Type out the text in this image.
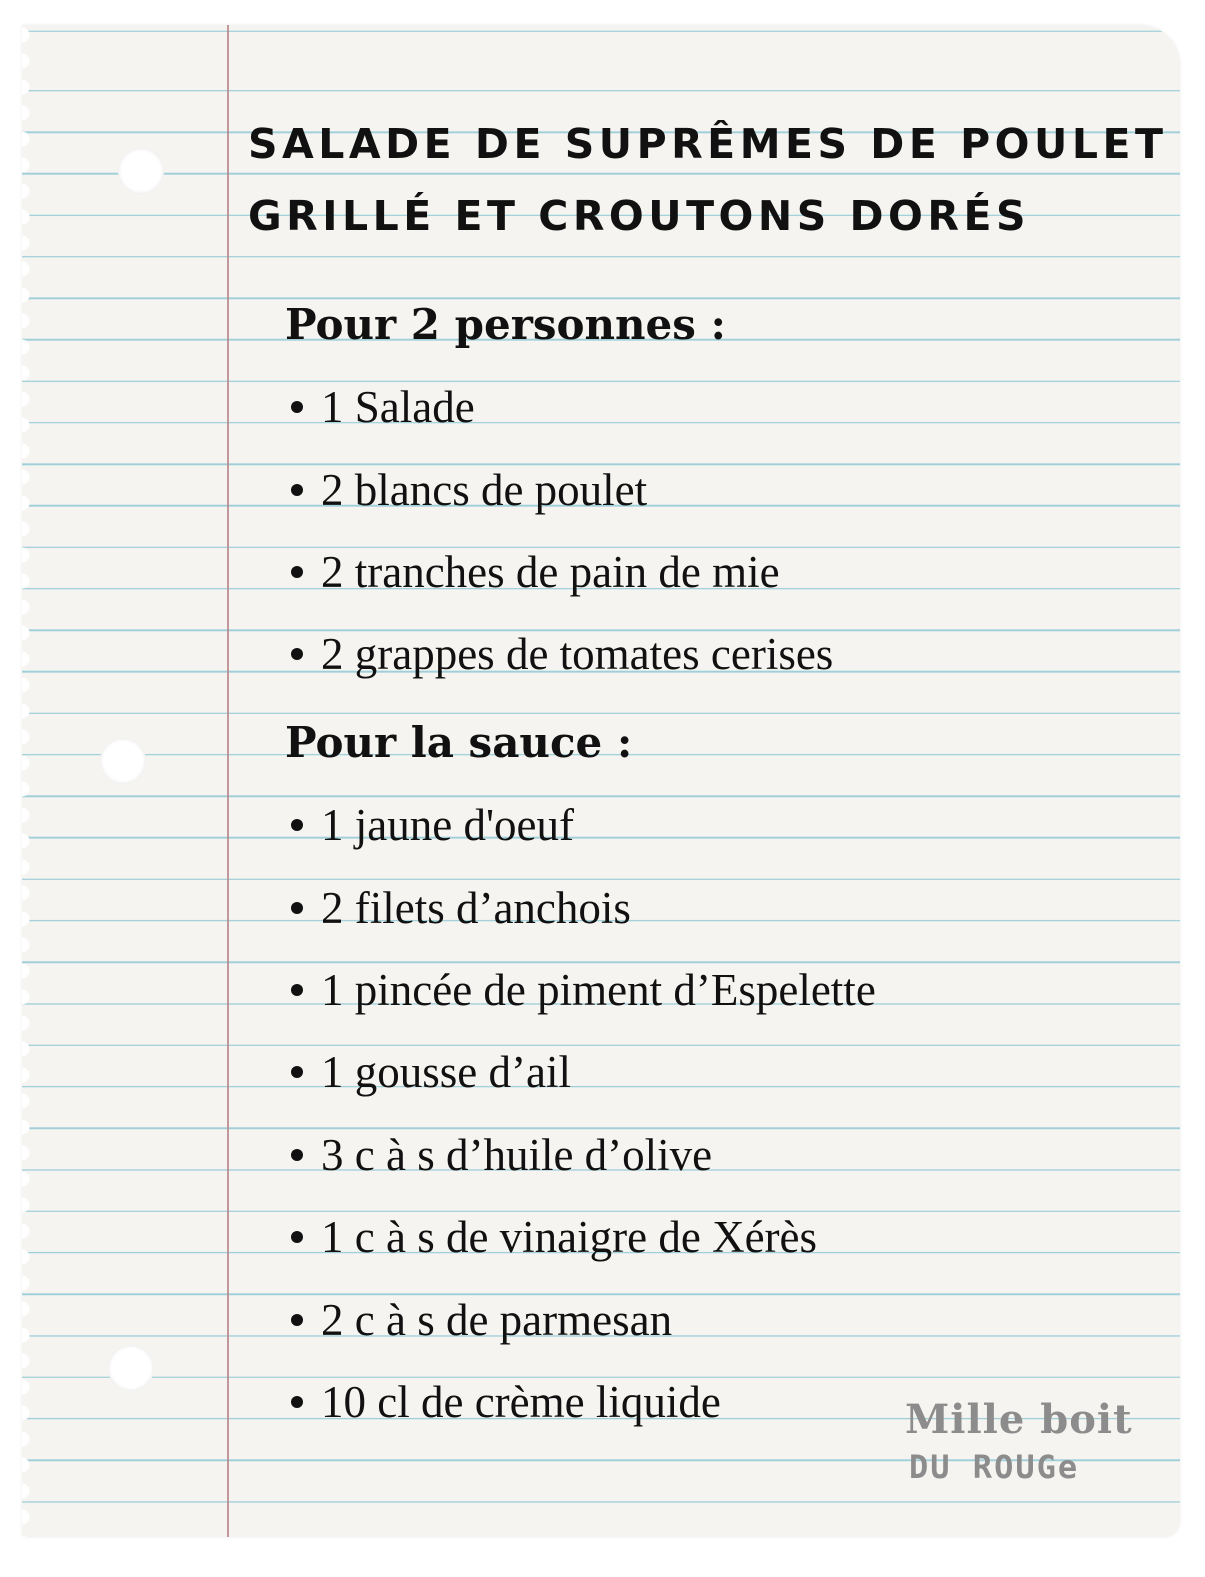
SALADE DE SUPRÊMES DE POULET
GRILLÉ ET CROUTONS DORÉS
Pour 2 personnes :
1 Salade
2 blancs de poulet
2 tranches de pain de mie
2 grappes de tomates cerises
Pour la sauce :
1 jaune d'oeuf
2 filets d’anchois
1 pincée de piment d’Espelette
1 gousse d’ail
3 c à s d’huile d’olive
1 c à s de vinaigre de Xérès
2 c à s de parmesan
10 cl de crème liquide	Mille boit
DU ROUGe
